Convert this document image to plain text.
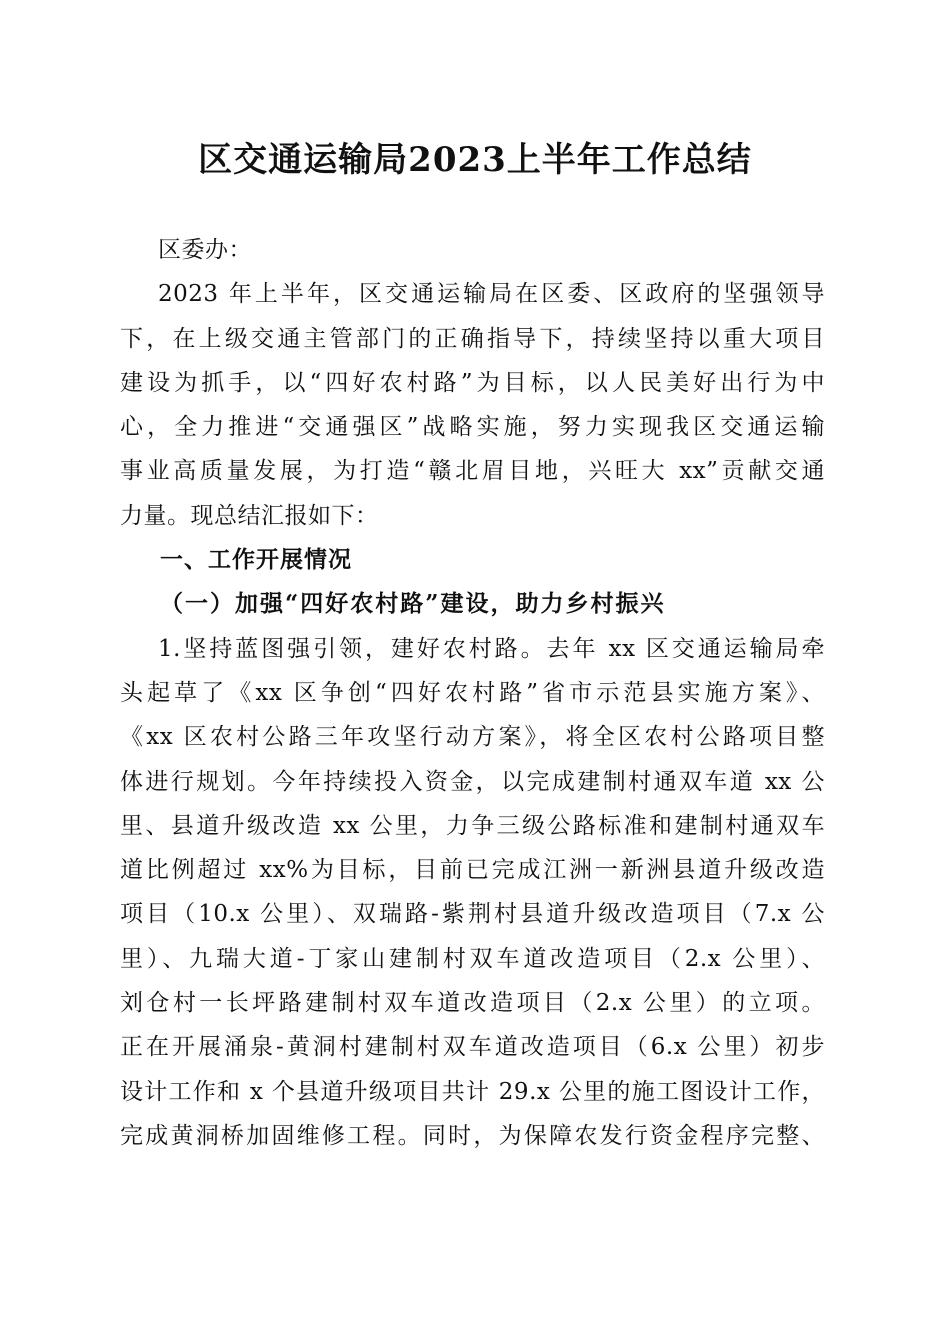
区交通运输局2023上半年工作总结
区委办：
2023 年上半年，区交通运输局在区委、区政府的坚强领导
下，在上级交通主管部门的正确指导下，持续坚持以重大项目
建设为抓手，以“四好农村路”为目标，以人民美好出行为中
心，全力推进“交通强区”战略实施，努力实现我区交通运输
事业高质量发展，为打造“赣北眉目地，兴旺大 xx”贡献交通
力量。现总结汇报如下：
一、工作开展情况
（一）加强“四好农村路”建设，助力乡村振兴
1.坚持蓝图强引领，建好农村路。去年 xx 区交通运输局牵
头起草了《xx 区争创“四好农村路”省市示范县实施方案》、
《xx 区农村公路三年攻坚行动方案》，将全区农村公路项目整
体进行规划。今年持续投入资金，以完成建制村通双车道 xx 公
里、县道升级改造 xx 公里，力争三级公路标准和建制村通双车
道比例超过 xx%为目标，目前已完成江洲一新洲县道升级改造
项目（10.x 公里）、双瑞路-紫荆村县道升级改造项目（7.x 公
里）、九瑞大道-丁家山建制村双车道改造项目（2.x 公里）、
刘仓村一长坪路建制村双车道改造项目（2.x 公里）的立项。
正在开展涌泉-黄洞村建制村双车道改造项目（6.x 公里）初步
设计工作和 x 个县道升级项目共计 29.x 公里的施工图设计工作，
完成黄洞桥加固维修工程。同时，为保障农发行资金程序完整、
